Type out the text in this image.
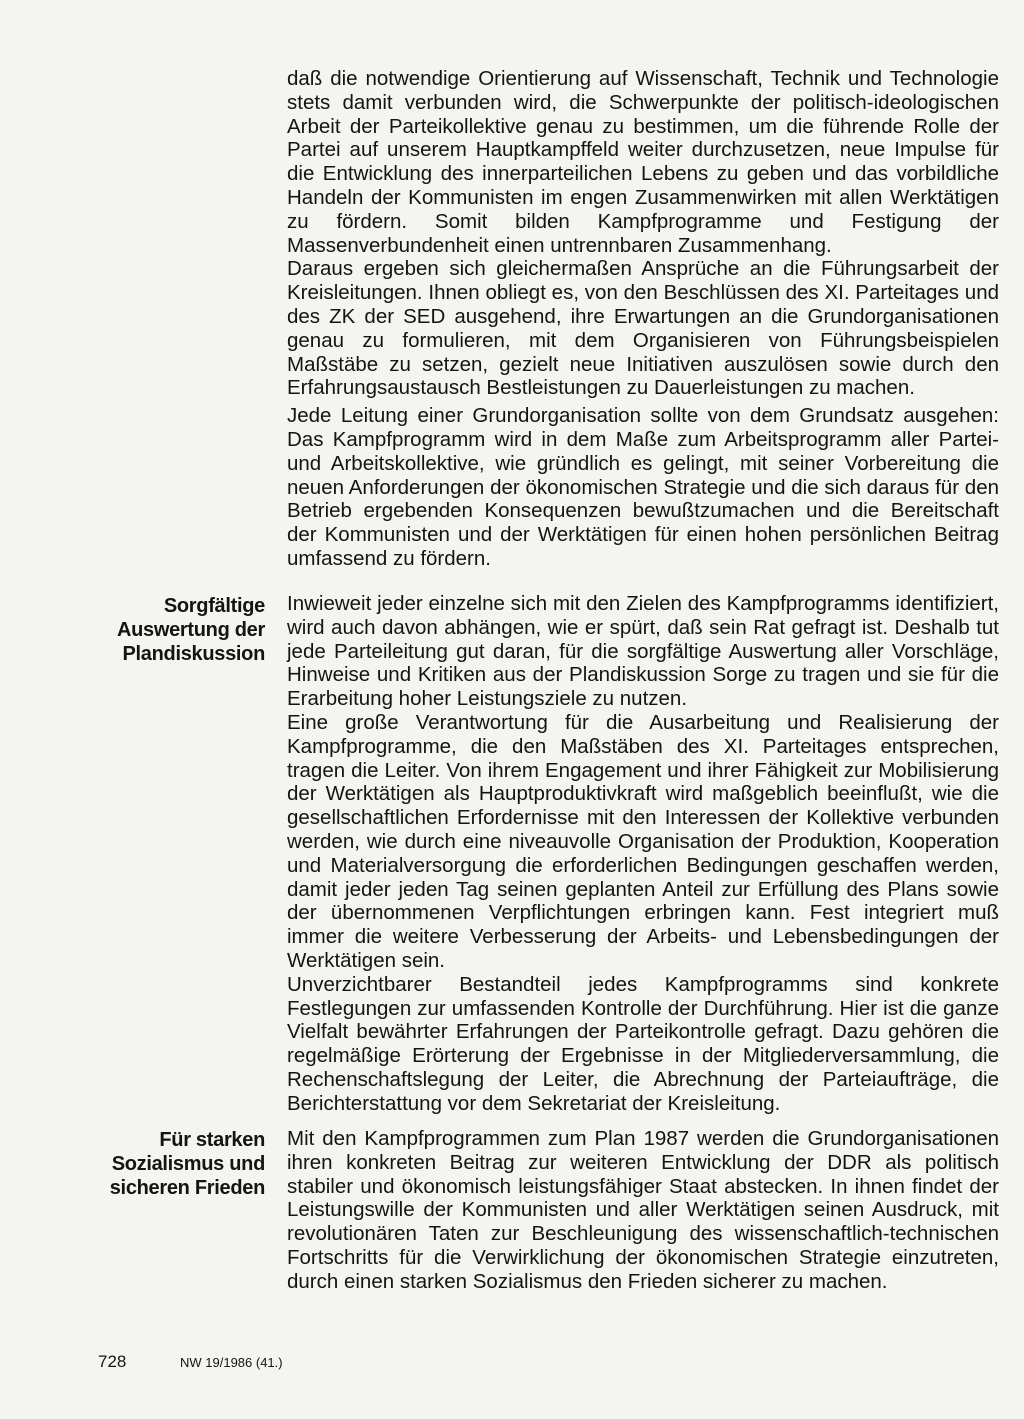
daß die notwendige Orientierung auf Wissenschaft, Technik und Technologie stets damit verbunden wird, die Schwerpunkte der politisch-ideologischen Arbeit der Parteikollektive genau zu bestimmen, um die führende Rolle der Partei auf unserem Hauptkampffeld weiter durchzusetzen, neue Impulse für die Entwicklung des innerparteilichen Lebens zu geben und das vorbildliche Handeln der Kommunisten im engen Zusammenwirken mit allen Werktätigen zu fördern. Somit bilden Kampfprogramme und Festigung der Massenverbundenheit einen untrennbaren Zusammenhang.

Daraus ergeben sich gleichermaßen Ansprüche an die Führungsarbeit der Kreisleitungen. Ihnen obliegt es, von den Beschlüssen des XI. Parteitages und des ZK der SED ausgehend, ihre Erwartungen an die Grundorganisationen genau zu formulieren, mit dem Organisieren von Führungsbeispielen Maßstäbe zu setzen, gezielt neue Initiativen auszulösen sowie durch den Erfahrungsaustausch Bestleistungen zu Dauerleistungen zu machen.

Jede Leitung einer Grundorganisation sollte von dem Grundsatz ausgehen: Das Kampfprogramm wird in dem Maße zum Arbeitsprogramm aller Partei- und Arbeitskollektive, wie gründlich es gelingt, mit seiner Vorbereitung die neuen Anforderungen der ökonomischen Strategie und die sich daraus für den Betrieb ergebenden Konsequenzen bewußtzumachen und die Bereitschaft der Kommunisten und der Werktätigen für einen hohen persönlichen Beitrag umfassend zu fördern.

Sorgfältige
Auswertung der
Plandiskussion

Inwieweit jeder einzelne sich mit den Zielen des Kampfprogramms identifiziert, wird auch davon abhängen, wie er spürt, daß sein Rat gefragt ist. Deshalb tut jede Parteileitung gut daran, für die sorgfältige Auswertung aller Vorschläge, Hinweise und Kritiken aus der Plandiskussion Sorge zu tragen und sie für die Erarbeitung hoher Leistungsziele zu nutzen.

Eine große Verantwortung für die Ausarbeitung und Realisierung der Kampfprogramme, die den Maßstäben des XI. Parteitages entsprechen, tragen die Leiter. Von ihrem Engagement und ihrer Fähigkeit zur Mobilisierung der Werktätigen als Hauptproduktivkraft wird maßgeblich beeinflußt, wie die gesellschaftlichen Erfordernisse mit den Interessen der Kollektive verbunden werden, wie durch eine niveauvolle Organisation der Produktion, Kooperation und Materialversorgung die erforderlichen Bedingungen geschaffen werden, damit jeder jeden Tag seinen geplanten Anteil zur Erfüllung des Plans sowie der übernommenen Verpflichtungen erbringen kann. Fest integriert muß immer die weitere Verbesserung der Arbeits- und Lebensbedingungen der Werktätigen sein.

Unverzichtbarer Bestandteil jedes Kampfprogramms sind konkrete Festlegungen zur umfassenden Kontrolle der Durchführung. Hier ist die ganze Vielfalt bewährter Erfahrungen der Parteikontrolle gefragt. Dazu gehören die regelmäßige Erörterung der Ergebnisse in der Mitgliederversammlung, die Rechenschaftslegung der Leiter, die Abrechnung der Parteiaufträge, die Berichterstattung vor dem Sekretariat der Kreisleitung.

Für starken
Sozialismus und
sicheren Frieden

Mit den Kampfprogrammen zum Plan 1987 werden die Grundorganisationen ihren konkreten Beitrag zur weiteren Entwicklung der DDR als politisch stabiler und ökonomisch leistungsfähiger Staat abstecken. In ihnen findet der Leistungswille der Kommunisten und aller Werktätigen seinen Ausdruck, mit revolutionären Taten zur Beschleunigung des wissenschaftlich-technischen Fortschritts für die Verwirklichung der ökonomischen Strategie einzutreten, durch einen starken Sozialismus den Frieden sicherer zu machen.

728	NW 19/1986 (41.)
